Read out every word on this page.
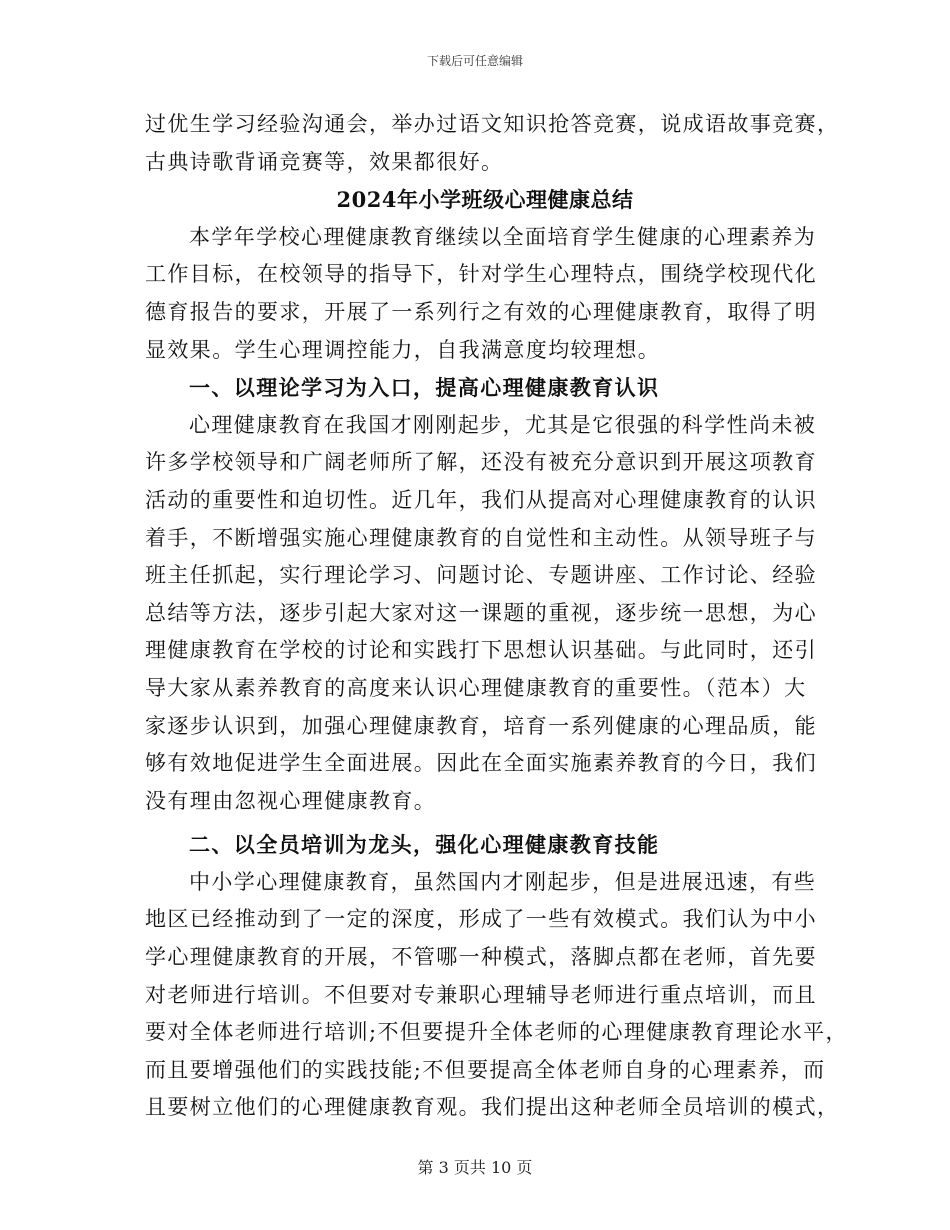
下载后可任意编辑
过优生学习经验沟通会，举办过语文知识抢答竞赛，说成语故事竞赛，
古典诗歌背诵竞赛等，效果都很好。
2024年小学班级心理健康总结
本学年学校心理健康教育继续以全面培育学生健康的心理素养为
工作目标，在校领导的指导下，针对学生心理特点，围绕学校现代化
德育报告的要求，开展了一系列行之有效的心理健康教育，取得了明
显效果。学生心理调控能力，自我满意度均较理想。
一、以理论学习为入口，提高心理健康教育认识
心理健康教育在我国才刚刚起步，尤其是它很强的科学性尚未被
许多学校领导和广阔老师所了解，还没有被充分意识到开展这项教育
活动的重要性和迫切性。近几年，我们从提高对心理健康教育的认识
着手，不断增强实施心理健康教育的自觉性和主动性。从领导班子与
班主任抓起，实行理论学习、问题讨论、专题讲座、工作讨论、经验
总结等方法，逐步引起大家对这一课题的重视，逐步统一思想，为心
理健康教育在学校的讨论和实践打下思想认识基础。与此同时，还引
导大家从素养教育的高度来认识心理健康教育的重要性。（范本）大
家逐步认识到，加强心理健康教育，培育一系列健康的心理品质，能
够有效地促进学生全面进展。因此在全面实施素养教育的今日，我们
没有理由忽视心理健康教育。
二、以全员培训为龙头，强化心理健康教育技能
中小学心理健康教育，虽然国内才刚起步，但是进展迅速，有些
地区已经推动到了一定的深度，形成了一些有效模式。我们认为中小
学心理健康教育的开展，不管哪一种模式，落脚点都在老师，首先要
对老师进行培训。不但要对专兼职心理辅导老师进行重点培训，而且
要对全体老师进行培训;不但要提升全体老师的心理健康教育理论水平，
而且要增强他们的实践技能;不但要提高全体老师自身的心理素养，而
且要树立他们的心理健康教育观。我们提出这种老师全员培训的模式，
第 3 页共 10 页
